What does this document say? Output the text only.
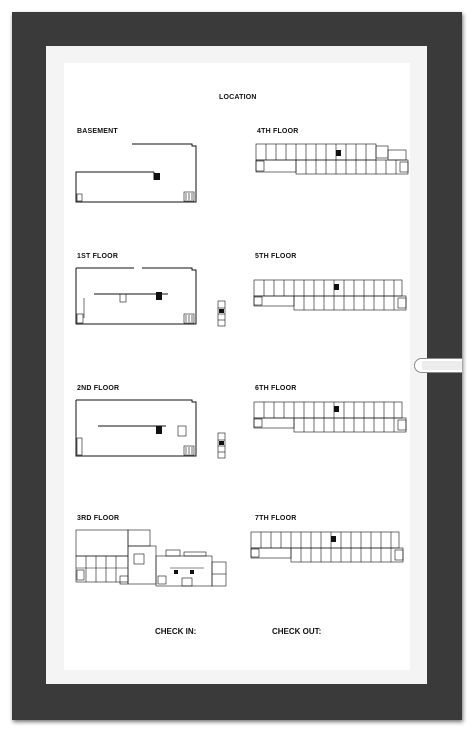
LOCATION
BASEMENT	4TH FLOOR
1ST FLOOR	5TH FLOOR
2ND FLOOR	6TH FLOOR
3RD FLOOR	7TH FLOOR
CHECK IN:	CHECK OUT:
